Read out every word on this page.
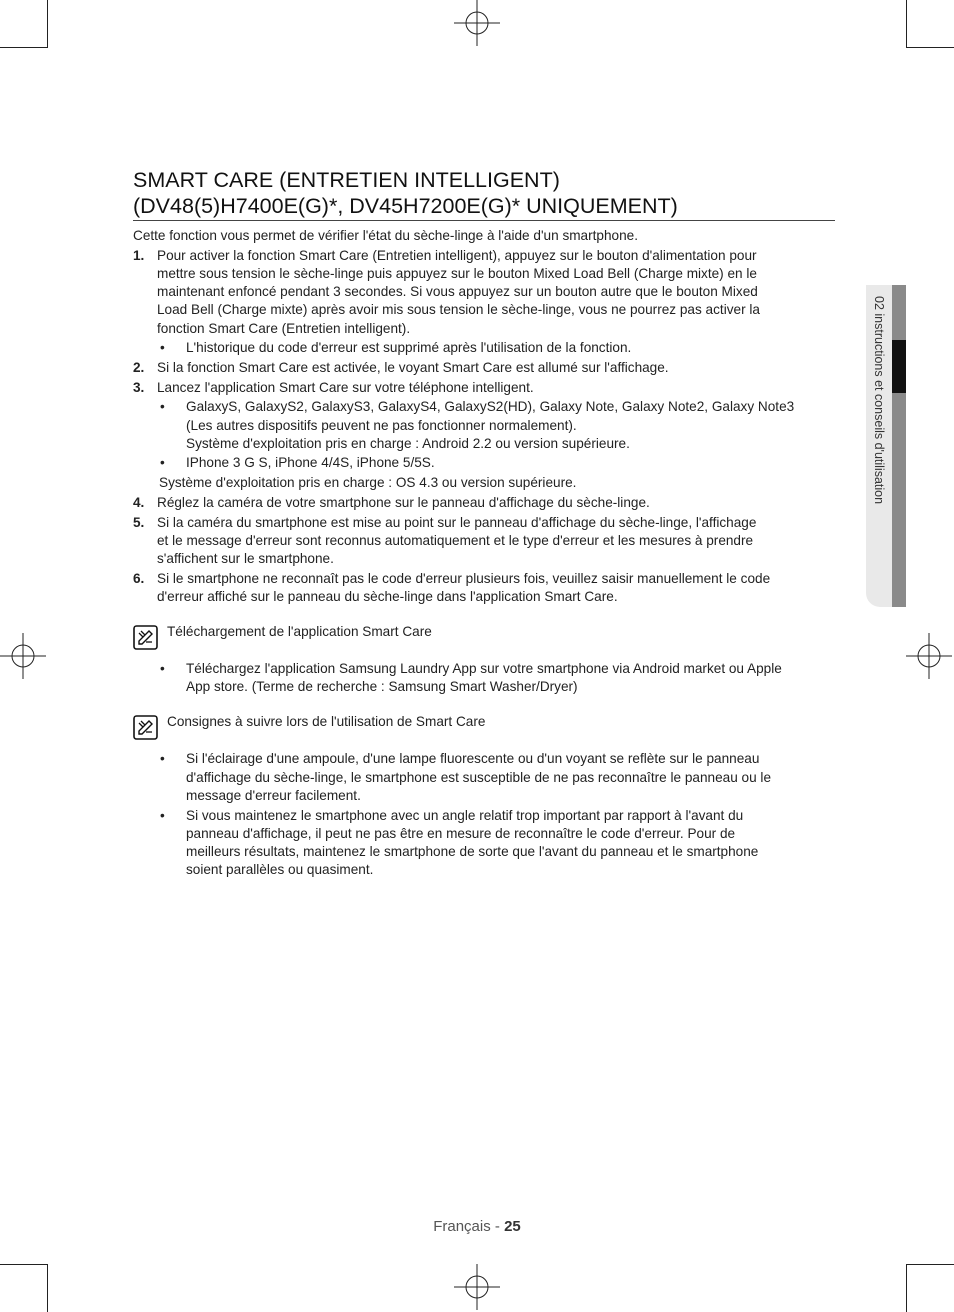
02 instructions et conseils d'utilisation
SMART CARE (ENTRETIEN INTELLIGENT)
(DV48(5)H7400E(G)*, DV45H7200E(G)* UNIQUEMENT)

Cette fonction vous permet de vérifier l'état du sèche-linge à l'aide d'un smartphone.

1. Pour activer la fonction Smart Care (Entretien intelligent), appuyez sur le bouton d'alimentation pour
mettre sous tension le sèche-linge puis appuyez sur le bouton Mixed Load Bell (Charge mixte) en le
maintenant enfoncé pendant 3 secondes. Si vous appuyez sur un bouton autre que le bouton Mixed
Load Bell (Charge mixte) après avoir mis sous tension le sèche-linge, vous ne pourrez pas activer la
fonction Smart Care (Entretien intelligent).
• L'historique du code d'erreur est supprimé après l'utilisation de la fonction.
2. Si la fonction Smart Care est activée, le voyant Smart Care est allumé sur l'affichage.
3. Lancez l'application Smart Care sur votre téléphone intelligent.
• GalaxyS, GalaxyS2, GalaxyS3, GalaxyS4, GalaxyS2(HD), Galaxy Note, Galaxy Note2, Galaxy Note3
(Les autres dispositifs peuvent ne pas fonctionner normalement).
Système d'exploitation pris en charge : Android 2.2 ou version supérieure.
• IPhone 3 G S, iPhone 4/4S, iPhone 5/5S.
Système d'exploitation pris en charge : OS 4.3 ou version supérieure.
4. Réglez la caméra de votre smartphone sur le panneau d'affichage du sèche-linge.
5. Si la caméra du smartphone est mise au point sur le panneau d'affichage du sèche-linge, l'affichage
et le message d'erreur sont reconnus automatiquement et le type d'erreur et les mesures à prendre
s'affichent sur le smartphone.
6. Si le smartphone ne reconnaît pas le code d'erreur plusieurs fois, veuillez saisir manuellement le code
d'erreur affiché sur le panneau du sèche-linge dans l'application Smart Care.
Téléchargement de l'application Smart Care
• Téléchargez l'application Samsung Laundry App sur votre smartphone via Android market ou Apple
App store. (Terme de recherche : Samsung Smart Washer/Dryer)
Consignes à suivre lors de l'utilisation de Smart Care
• Si l'éclairage d'une ampoule, d'une lampe fluorescente ou d'un voyant se reflète sur le panneau
d'affichage du sèche-linge, le smartphone est susceptible de ne pas reconnaître le panneau ou le
message d'erreur facilement.
• Si vous maintenez le smartphone avec un angle relatif trop important par rapport à l'avant du
panneau d'affichage, il peut ne pas être en mesure de reconnaître le code d'erreur. Pour de
meilleurs résultats, maintenez le smartphone de sorte que l'avant du panneau et le smartphone
soient parallèles ou quasiment.
Français - 25
